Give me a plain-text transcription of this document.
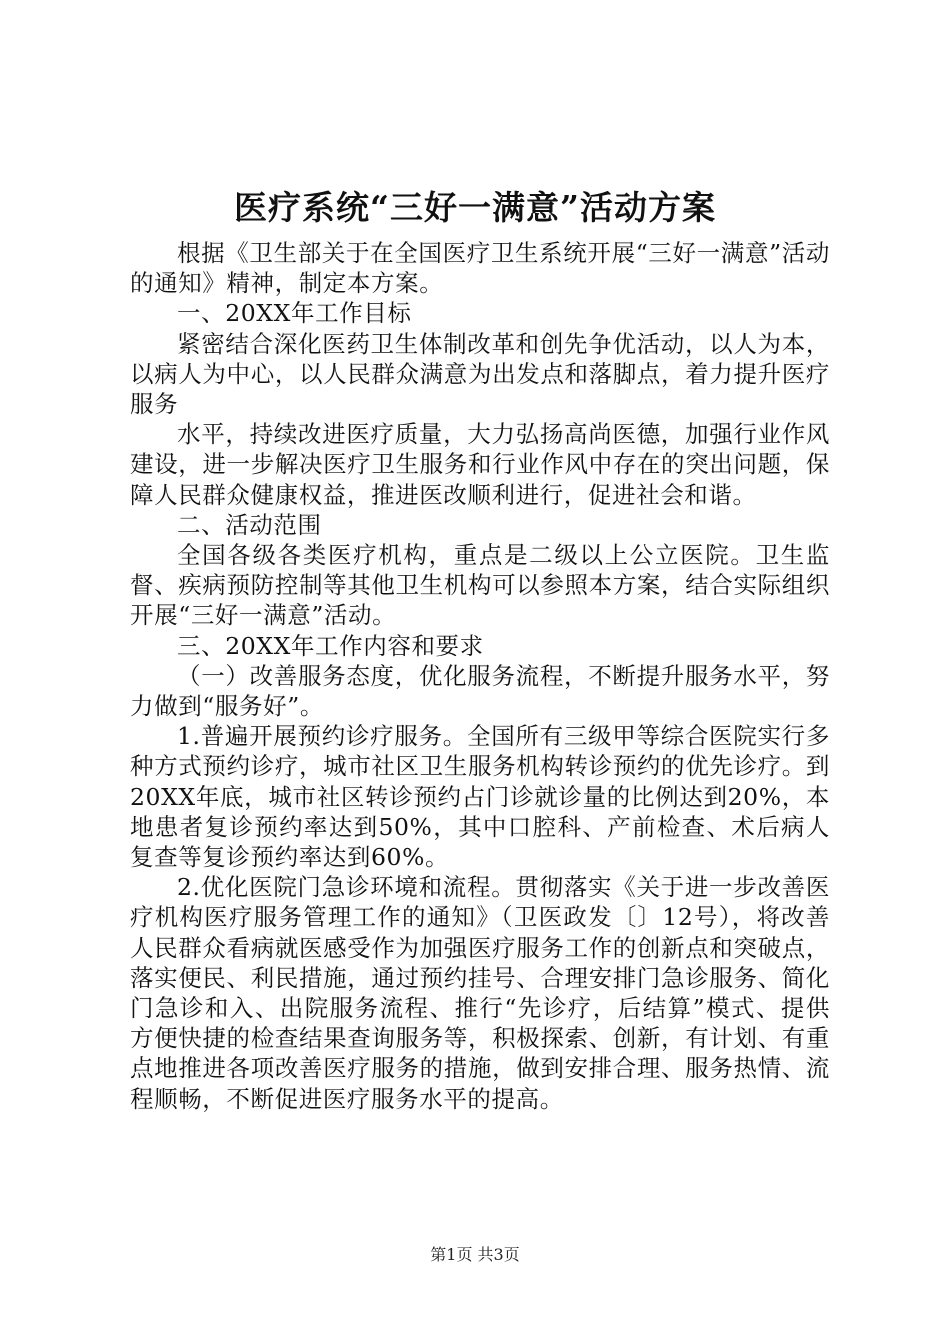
医疗系统“三好一满意”活动方案

根据《卫生部关于在全国医疗卫生系统开展“三好一满意”活动的通知》精神，制定本方案。

一、20XX年工作目标

紧密结合深化医药卫生体制改革和创先争优活动，以人为本，以病人为中心，以人民群众满意为出发点和落脚点，着力提升医疗服务

水平，持续改进医疗质量，大力弘扬高尚医德，加强行业作风建设，进一步解决医疗卫生服务和行业作风中存在的突出问题，保障人民群众健康权益，推进医改顺利进行，促进社会和谐。

二、活动范围

全国各级各类医疗机构，重点是二级以上公立医院。卫生监督、疾病预防控制等其他卫生机构可以参照本方案，结合实际组织开展“三好一满意”活动。

三、20XX年工作内容和要求

（一）改善服务态度，优化服务流程，不断提升服务水平，努力做到“服务好”。

1.普遍开展预约诊疗服务。全国所有三级甲等综合医院实行多种方式预约诊疗，城市社区卫生服务机构转诊预约的优先诊疗。到20XX年底，城市社区转诊预约占门诊就诊量的比例达到20%，本地患者复诊预约率达到50%，其中口腔科、产前检查、术后病人复查等复诊预约率达到60%。

2.优化医院门急诊环境和流程。贯彻落实《关于进一步改善医疗机构医疗服务管理工作的通知》（卫医政发〔〕12号），将改善人民群众看病就医感受作为加强医疗服务工作的创新点和突破点，落实便民、利民措施，通过预约挂号、合理安排门急诊服务、简化门急诊和入、出院服务流程、推行“先诊疗，后结算”模式、提供方便快捷的检查结果查询服务等，积极探索、创新，有计划、有重点地推进各项改善医疗服务的措施，做到安排合理、服务热情、流程顺畅，不断促进医疗服务水平的提高。

第1页 共3页
